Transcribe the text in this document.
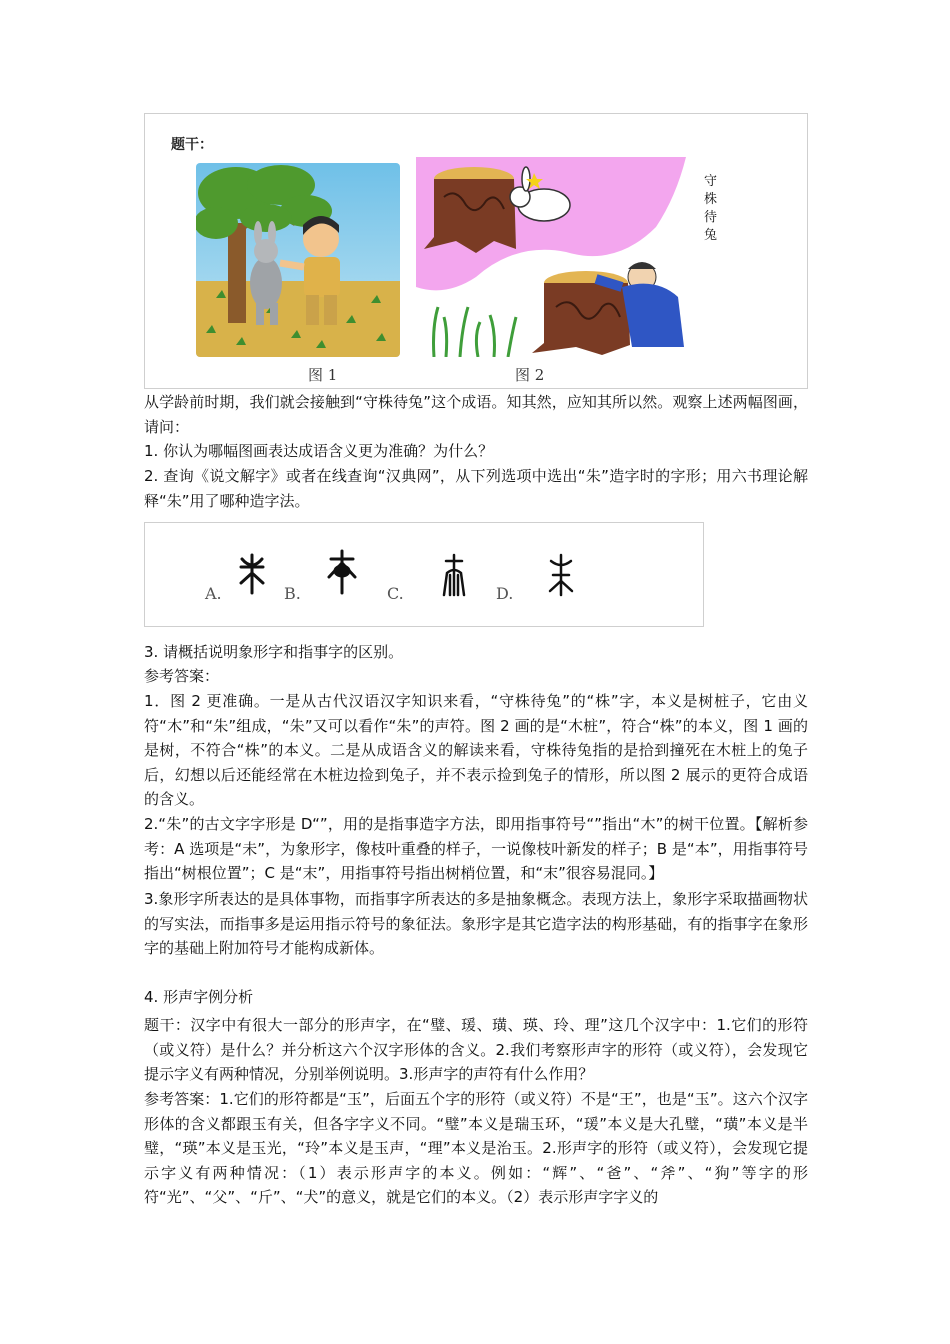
题干：
守
株
待
兔
图 1	图 2

从学龄前时期，我们就会接触到“守株待兔”这个成语。知其然，应知其所以然。观察上述两幅图画，请问：

1. 你认为哪幅图画表达成语含义更为准确？为什么？

2. 查询《说文解字》或者在线查询“汉典网”，从下列选项中选出“朱”造字时的字形；用六书理论解释“朱”用了哪种造字法。

A.	B.	C.	D.

3. 请概括说明象形字和指事字的区别。

参考答案：

1．图 2 更准确。一是从古代汉语汉字知识来看，“守株待兔”的“株”字，本义是树桩子，它由义符“木”和“朱”组成，“朱”又可以看作“朱”的声符。图 2 画的是“木桩”，符合“株”的本义，图 1 画的是树，不符合“株”的本义。二是从成语含义的解读来看，守株待兔指的是拾到撞死在木桩上的兔子后，幻想以后还能经常在木桩边捡到兔子，并不表示捡到兔子的情形，所以图 2 展示的更符合成语的含义。

2.“朱”的古文字字形是 D“”，用的是指事造字方法，即用指事符号“”指出“木”的树干位置。【解析参考：A 选项是“未”，为象形字，像枝叶重叠的样子，一说像枝叶新发的样子；B 是“本”，用指事符号指出“树根位置”；C 是“末”，用指事符号指出树梢位置，和“末”很容易混同。】

3.象形字所表达的是具体事物，而指事字所表达的多是抽象概念。表现方法上，象形字采取描画物状的写实法，而指事多是运用指示符号的象征法。象形字是其它造字法的构形基础，有的指事字在象形字的基础上附加符号才能构成新体。

4. 形声字例分析

题干：汉字中有很大一部分的形声字，在“璧、瑗、璜、瑛、玲、理”这几个汉字中：1.它们的形符（或义符）是什么？并分析这六个汉字形体的含义。2.我们考察形声字的形符（或义符），会发现它提示字义有两种情况，分别举例说明。3.形声字的声符有什么作用？

参考答案：1.它们的形符都是“玉”，后面五个字的形符（或义符）不是“王”，也是“玉”。这六个汉字形体的含义都跟玉有关，但各字字义不同。“璧”本义是瑞玉环，“瑗”本义是大孔璧，“璜”本义是半璧，“瑛”本义是玉光，“玲”本义是玉声，“理”本义是治玉。2.形声字的形符（或义符），会发现它提示字义有两种情况：（1）表示形声字的本义。例如：“辉”、“爸”、“斧”、“狗”等字的形符“光”、“父”、“斤”、“犬”的意义，就是它们的本义。（2）表示形声字字义的
